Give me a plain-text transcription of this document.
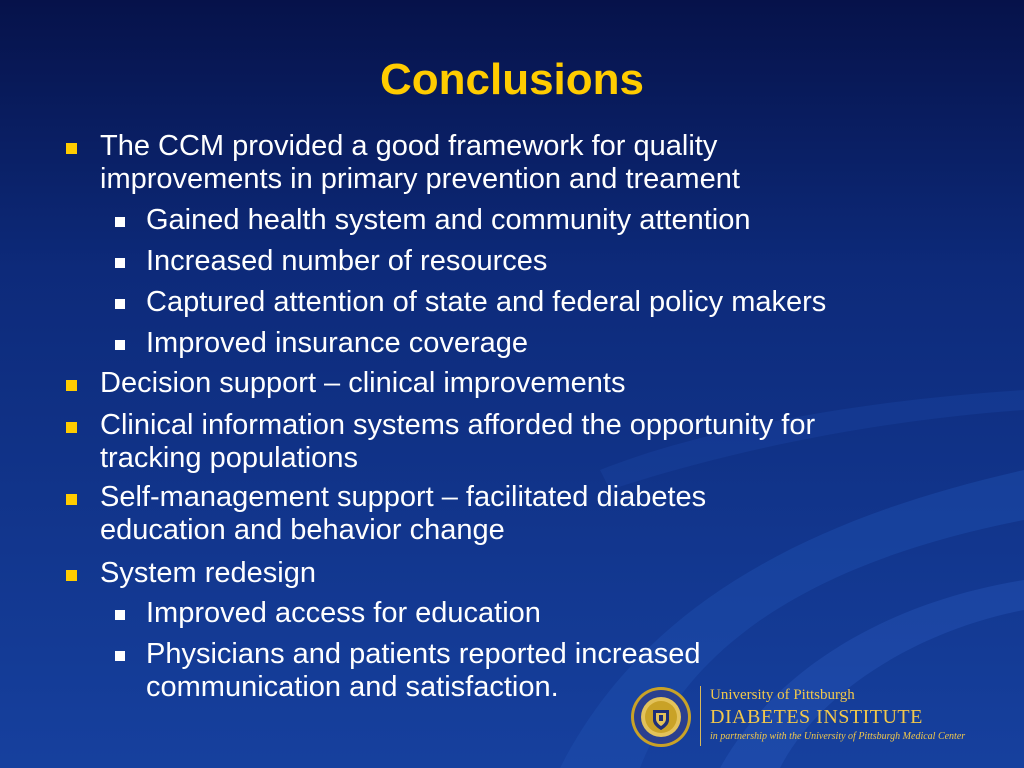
Conclusions
The CCM provided a good framework for quality
improvements in primary prevention and treament
Gained health system and community attention
Increased number of resources
Captured attention of state and federal policy makers
Improved insurance coverage
Decision support – clinical improvements
Clinical information systems afforded the opportunity for
tracking populations
Self-management support – facilitated diabetes
education and behavior change
System redesign
Improved access for education
Physicians and patients reported increased
communication and satisfaction.	University of Pittsburgh
DIABETES INSTITUTE
in partnership with the University of Pittsburgh Medical Center
